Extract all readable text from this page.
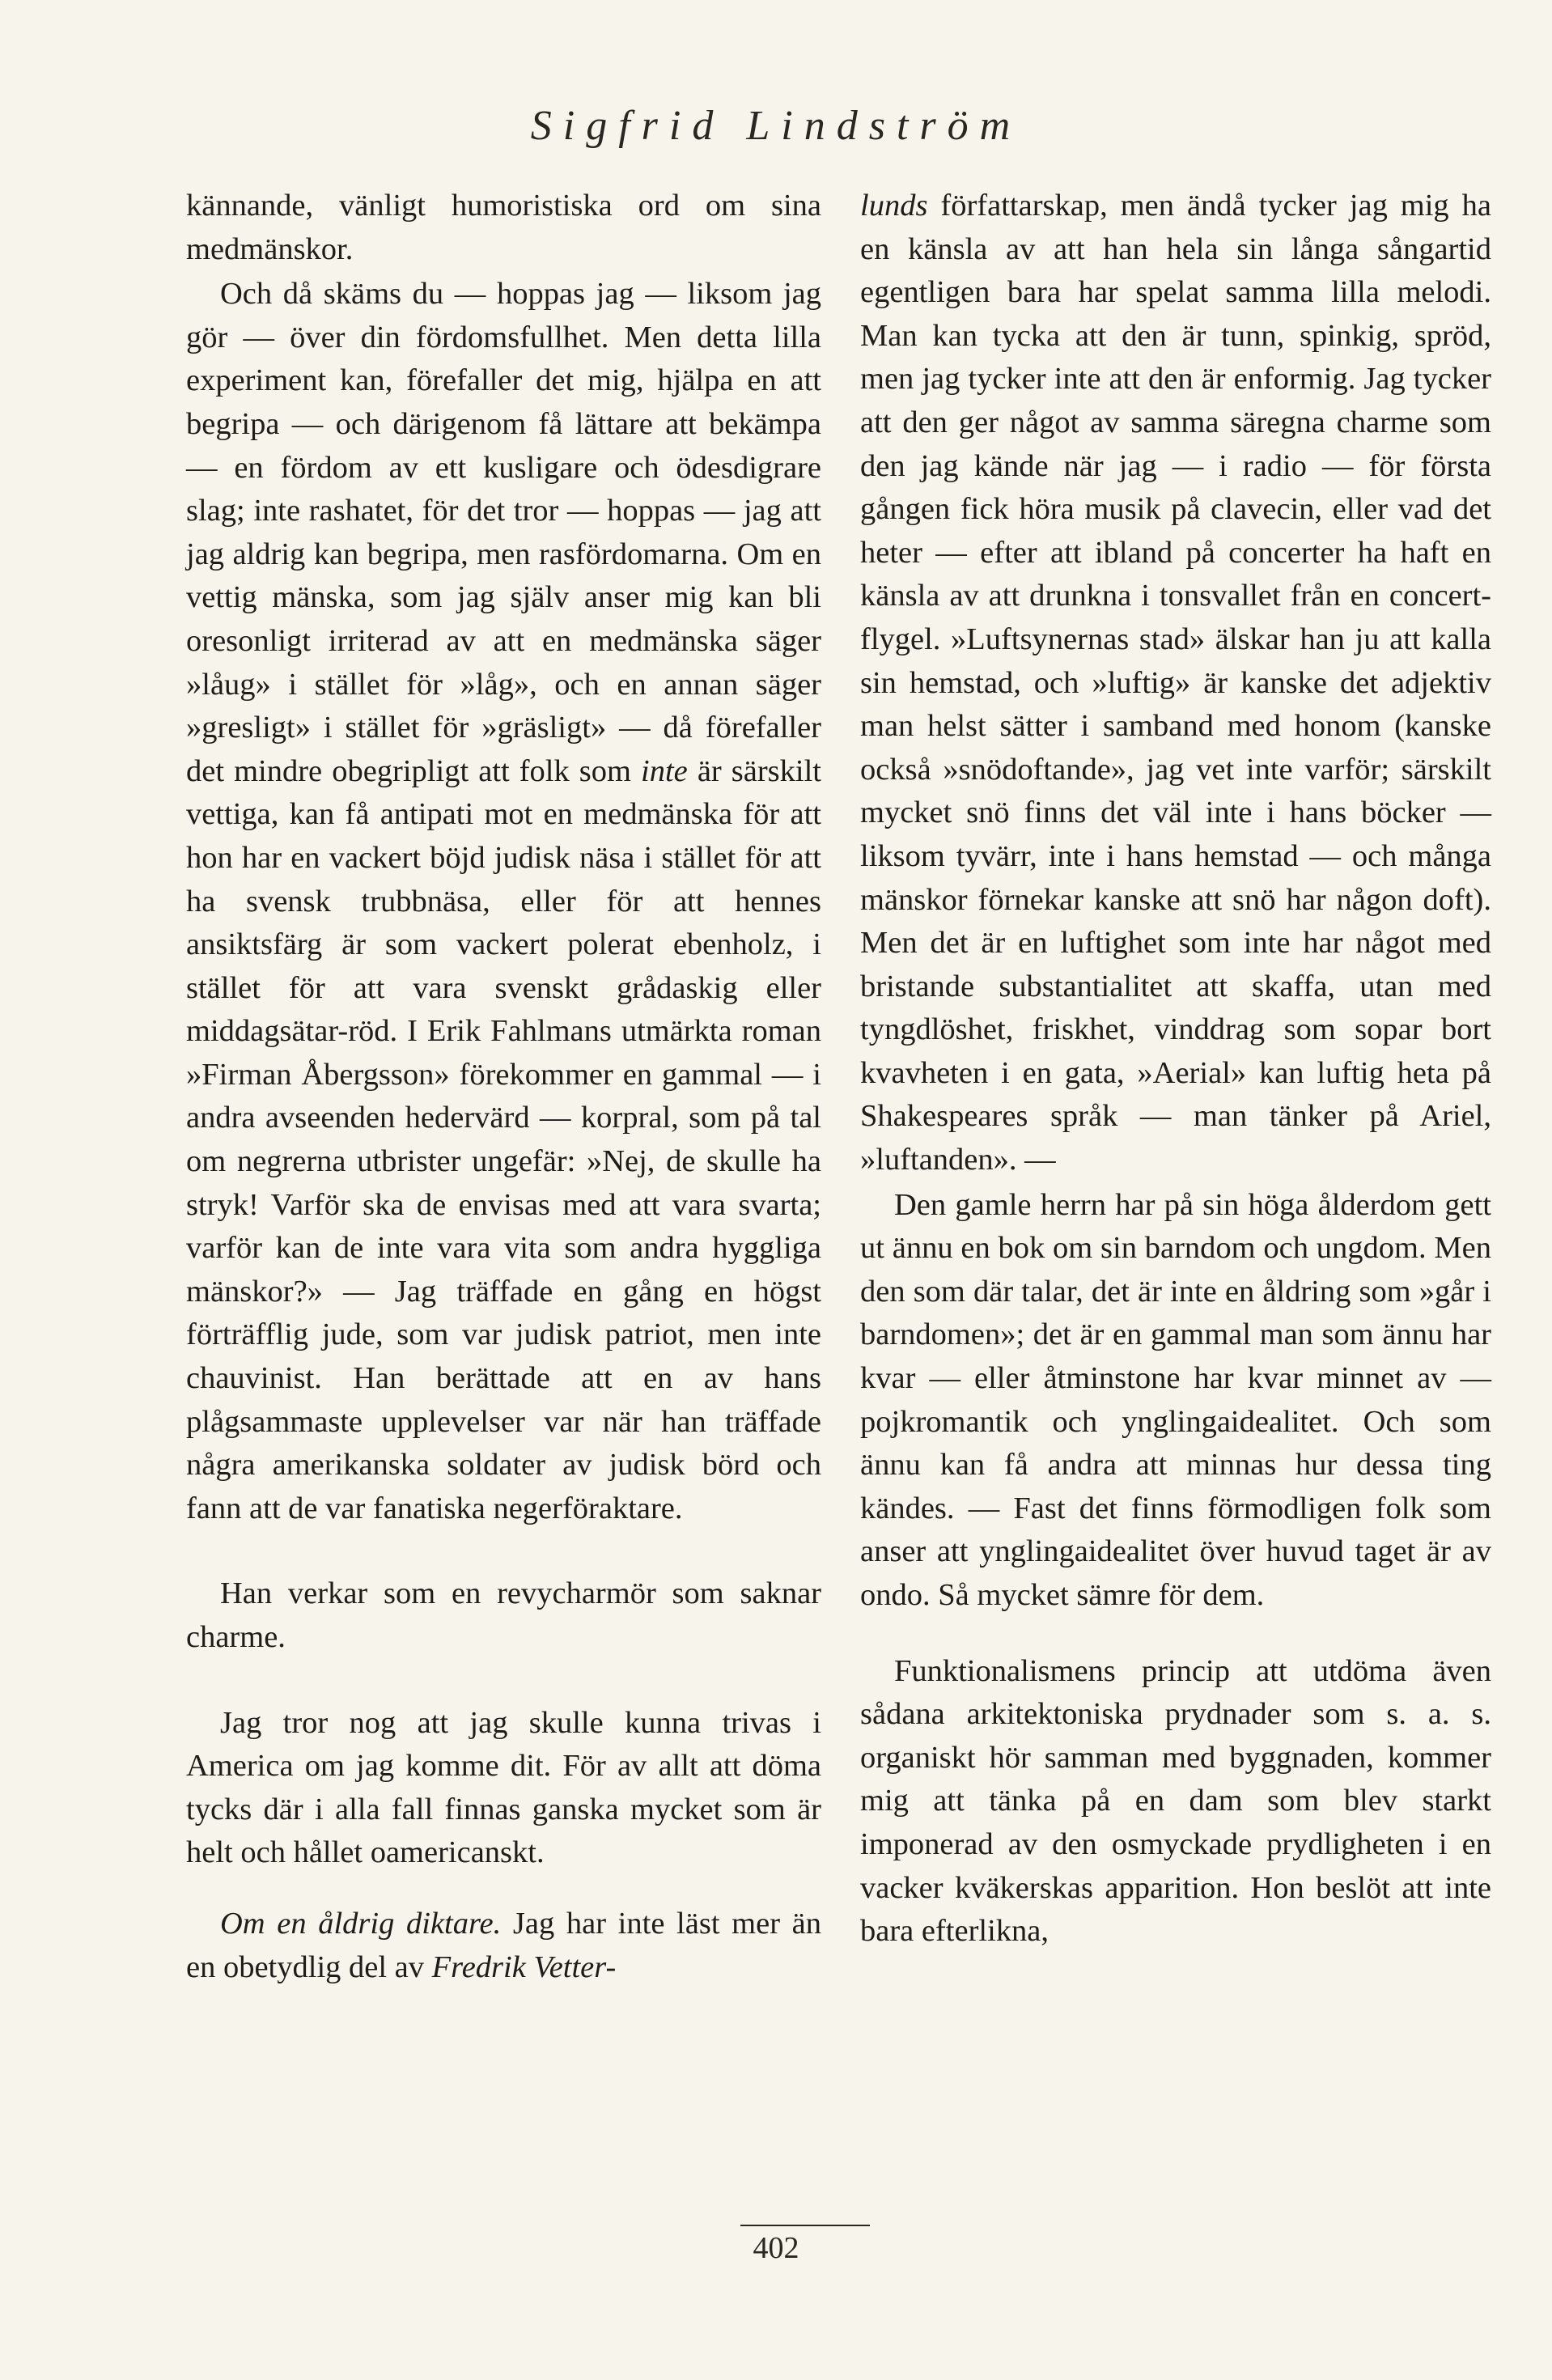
Sigfrid Lindström

kännande, vänligt humoristiska ord om sina medmänskor.

Och då skäms du — hoppas jag — liksom jag gör — över din fördomsfullhet. Men detta lilla experiment kan, förefaller det mig, hjälpa en att begripa — och därigenom få lättare att bekämpa — en fördom av ett kusligare och ödesdigrare slag; inte rashatet, för det tror — hoppas — jag att jag aldrig kan begripa, men rasfördomarna. Om en vettig mänska, som jag själv anser mig kan bli oresonligt irriterad av att en medmänska säger »låug» i stället för »låg», och en annan säger »gresligt» i stället för »gräsligt» — då förefaller det mindre obegripligt att folk som inte är särskilt vettiga, kan få antipati mot en medmänska för att hon har en vackert böjd judisk näsa i stället för att ha svensk trubbnäsa, eller för att hennes ansiktsfärg är som vackert polerat ebenholz, i stället för att vara svenskt grådaskig eller middagsätar-röd. I Erik Fahlmans utmärkta roman »Firman Åbergsson» förekommer en gammal — i andra avseenden hedervärd — korpral, som på tal om negrerna utbrister ungefär: »Nej, de skulle ha stryk! Varför ska de envisas med att vara svarta; varför kan de inte vara vita som andra hyggliga mänskor?» — Jag träffade en gång en högst förträfflig jude, som var judisk patriot, men inte chauvinist. Han berättade att en av hans plågsammaste upplevelser var när han träffade några amerikanska soldater av judisk börd och fann att de var fanatiska negerföraktare.

Han verkar som en revycharmör som saknar charme.

Jag tror nog att jag skulle kunna trivas i America om jag komme dit. För av allt att döma tycks där i alla fall finnas ganska mycket som är helt och hållet oamericanskt.

Om en åldrig diktare. Jag har inte läst mer än en obetydlig del av Fredrik Vetter-

lunds författarskap, men ändå tycker jag mig ha en känsla av att han hela sin långa sångartid egentligen bara har spelat samma lilla melodi. Man kan tycka att den är tunn, spinkig, spröd, men jag tycker inte att den är enformig. Jag tycker att den ger något av samma säregna charme som den jag kände när jag — i radio — för första gången fick höra musik på clavecin, eller vad det heter — efter att ibland på concerter ha haft en känsla av att drunkna i tonsvallet från en concert-flygel. »Luftsynernas stad» älskar han ju att kalla sin hemstad, och »luftig» är kanske det adjektiv man helst sätter i samband med honom (kanske också »snödoftande», jag vet inte varför; särskilt mycket snö finns det väl inte i hans böcker — liksom tyvärr, inte i hans hemstad — och många mänskor förnekar kanske att snö har någon doft). Men det är en luftighet som inte har något med bristande substantialitet att skaffa, utan med tyngdlöshet, friskhet, vinddrag som sopar bort kvavheten i en gata, »Aerial» kan luftig heta på Shakespeares språk — man tänker på Ariel, »luftanden». —

Den gamle herrn har på sin höga ålderdom gett ut ännu en bok om sin barndom och ungdom. Men den som där talar, det är inte en åldring som »går i barndomen»; det är en gammal man som ännu har kvar — eller åtminstone har kvar minnet av — pojkromantik och ynglingaidealitet. Och som ännu kan få andra att minnas hur dessa ting kändes. — Fast det finns förmodligen folk som anser att ynglingaidealitet över huvud taget är av ondo. Så mycket sämre för dem.

Funktionalismens princip att utdöma även sådana arkitektoniska prydnader som s. a. s. organiskt hör samman med byggnaden, kommer mig att tänka på en dam som blev starkt imponerad av den osmyckade prydligheten i en vacker kväkerskas apparition. Hon beslöt att inte bara efterlikna,

402
